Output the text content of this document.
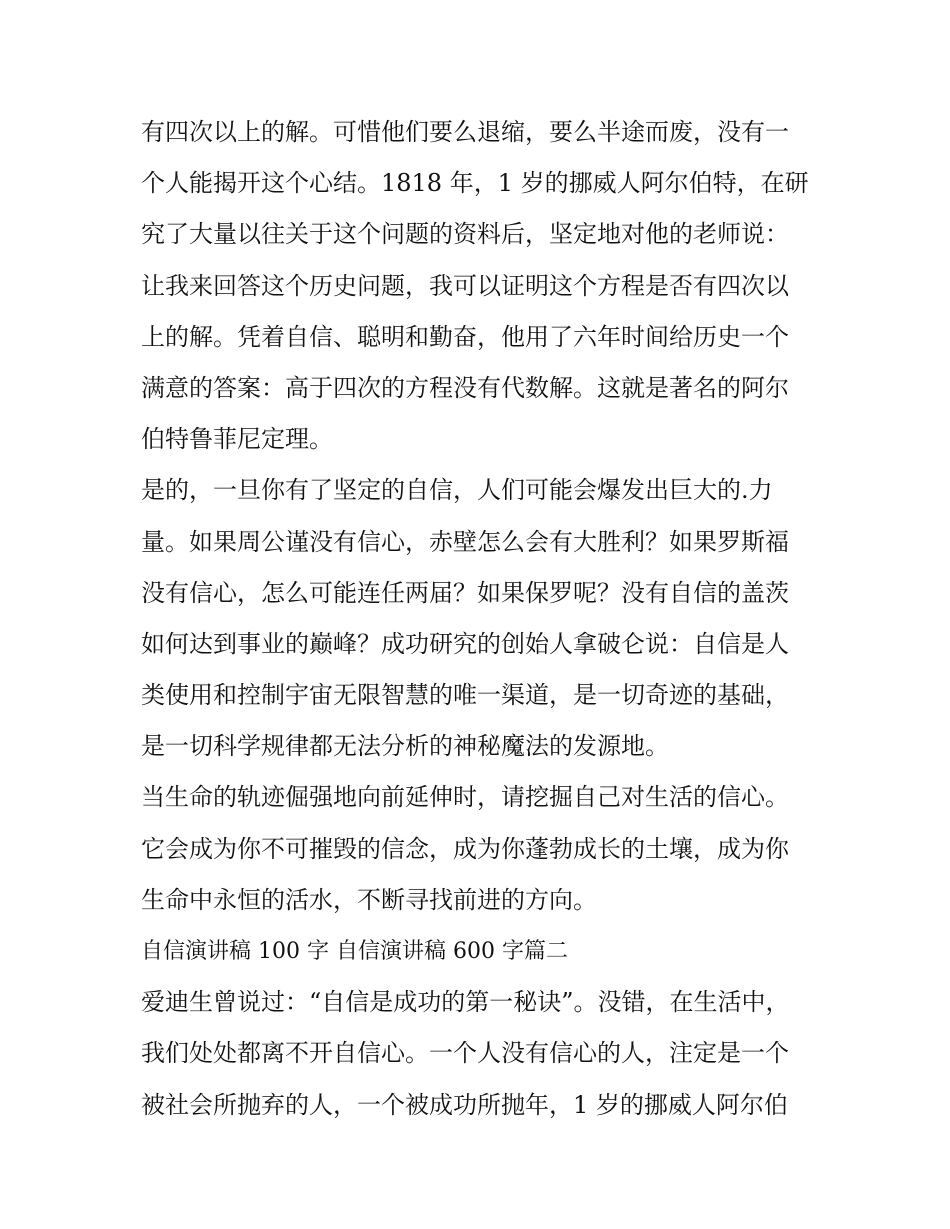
有四次以上的解。可惜他们要么退缩，要么半途而废，没有一
个人能揭开这个心结。1818 年，1 岁的挪威人阿尔伯特，在研
究了大量以往关于这个问题的资料后，坚定地对他的老师说：
让我来回答这个历史问题，我可以证明这个方程是否有四次以
上的解。凭着自信、聪明和勤奋，他用了六年时间给历史一个
满意的答案：高于四次的方程没有代数解。这就是著名的阿尔
伯特鲁菲尼定理。
是的，一旦你有了坚定的自信，人们可能会爆发出巨大的.力
量。如果周公谨没有信心，赤壁怎么会有大胜利？如果罗斯福
没有信心，怎么可能连任两届？如果保罗呢？没有自信的盖茨
如何达到事业的巅峰？成功研究的创始人拿破仑说：自信是人
类使用和控制宇宙无限智慧的唯一渠道，是一切奇迹的基础，
是一切科学规律都无法分析的神秘魔法的发源地。
当生命的轨迹倔强地向前延伸时，请挖掘自己对生活的信心。
它会成为你不可摧毁的信念，成为你蓬勃成长的土壤，成为你
生命中永恒的活水，不断寻找前进的方向。
自信演讲稿 100 字 自信演讲稿 600 字篇二
爱迪生曾说过：“自信是成功的第一秘诀”。没错，在生活中，
我们处处都离不开自信心。一个人没有信心的人，注定是一个
被社会所抛弃的人，一个被成功所抛年，1 岁的挪威人阿尔伯
